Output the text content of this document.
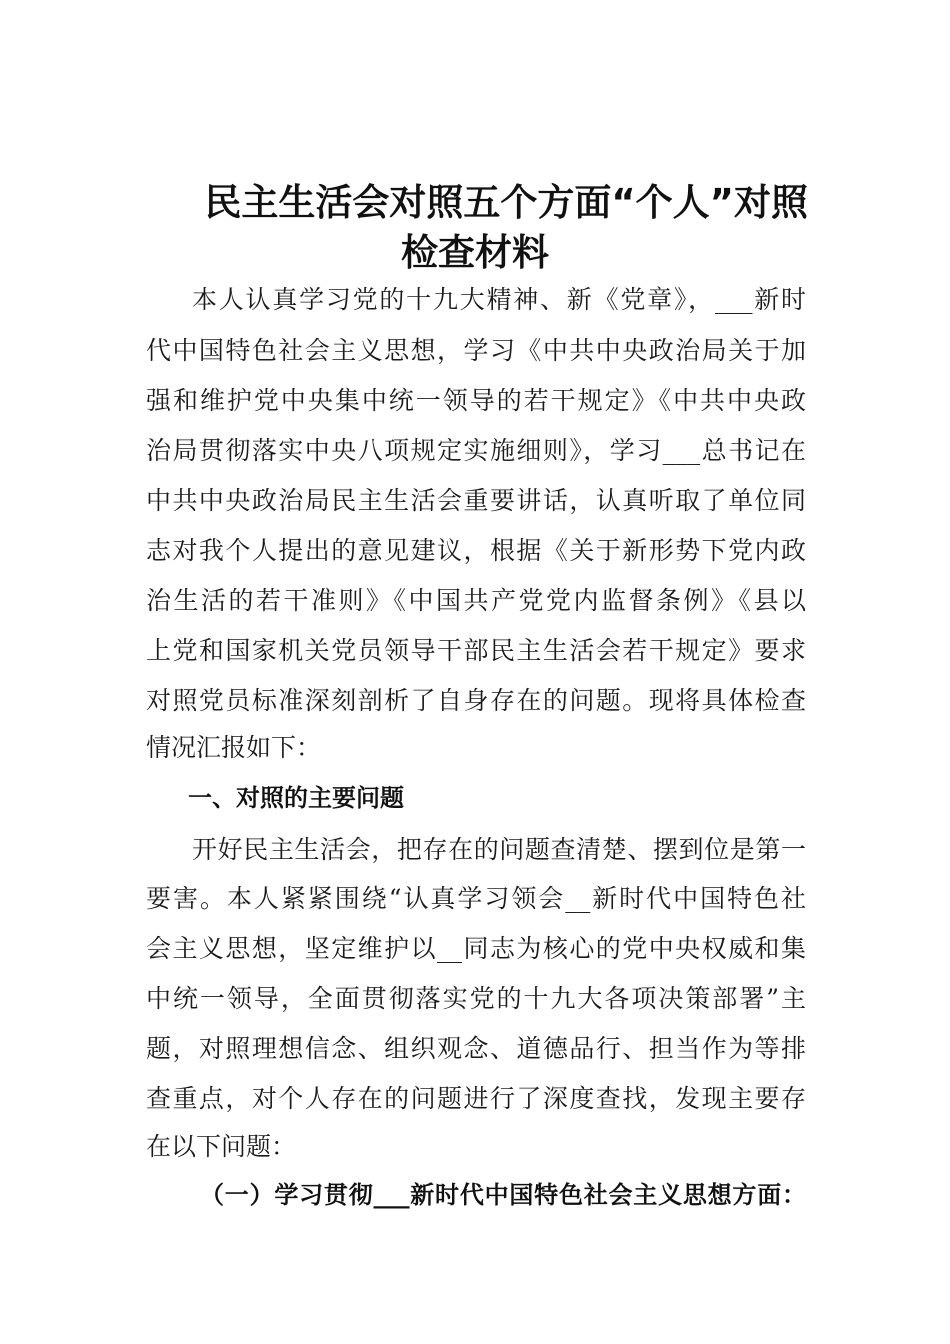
民主生活会对照五个方面“个人”对照
检查材料
本人认真学习党的十九大精神、新《党章》，___新时
代中国特色社会主义思想，学习《中共中央政治局关于加
强和维护党中央集中统一领导的若干规定》《中共中央政
治局贯彻落实中央八项规定实施细则》，学习___总书记在
中共中央政治局民主生活会重要讲话，认真听取了单位同
志对我个人提出的意见建议，根据《关于新形势下党内政
治生活的若干准则》《中国共产党党内监督条例》《县以
上党和国家机关党员领导干部民主生活会若干规定》要求
对照党员标准深刻剖析了自身存在的问题。现将具体检查
情况汇报如下：
一、对照的主要问题
开好民主生活会，把存在的问题查清楚、摆到位是第一
要害。本人紧紧围绕“认真学习领会__新时代中国特色社
会主义思想，坚定维护以__同志为核心的党中央权威和集
中统一领导，全面贯彻落实党的十九大各项决策部署”主
题，对照理想信念、组织观念、道德品行、担当作为等排
查重点，对个人存在的问题进行了深度查找，发现主要存
在以下问题：
（一）学习贯彻___新时代中国特色社会主义思想方面：
